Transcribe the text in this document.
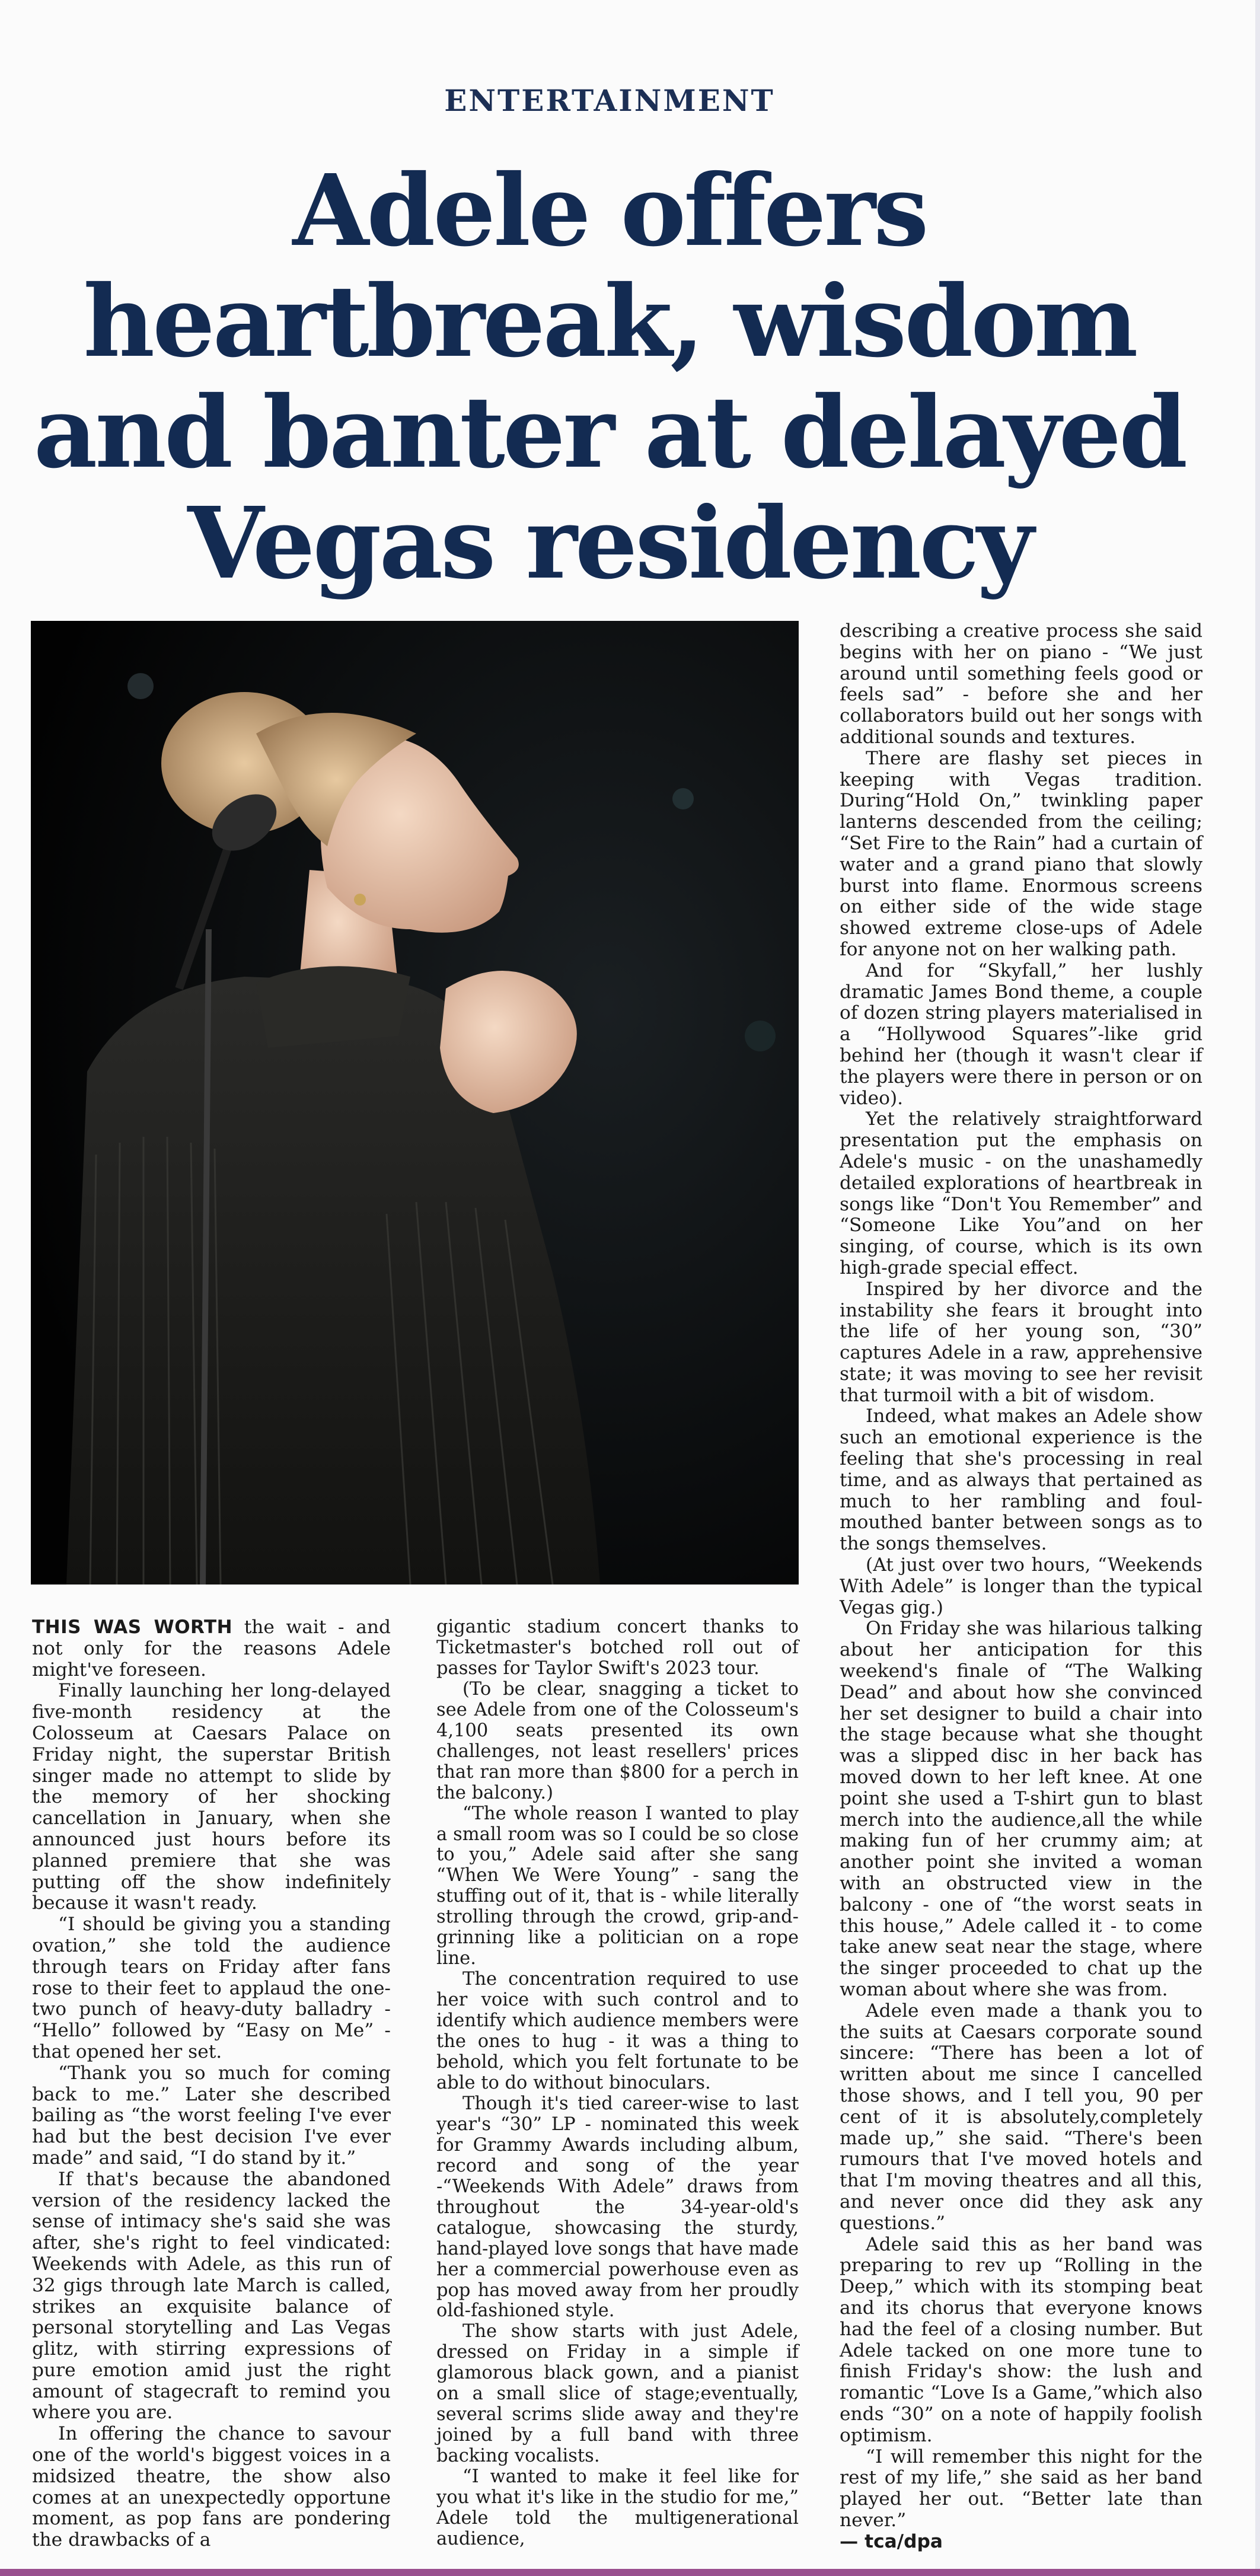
ENTERTAINMENT
Adele offers
heartbreak, wisdom
and banter at delayed
Vegas residency

THIS WAS WORTH the wait - and not only for the reasons Adele might've foreseen.

Finally launching her long-delayed five-month residency at the Colosseum at Caesars Palace on Friday night, the superstar British singer made no attempt to slide by the memory of her shocking cancellation in January, when she announced just hours before its planned premiere that she was putting off the show indefinitely because it wasn't ready.

“I should be giving you a standing ovation,” she told the audience through tears on Friday after fans rose to their feet to applaud the one-two punch of heavy-duty balladry - “Hello” followed by “Easy on Me” - that opened her set.

“Thank you so much for coming back to me.” Later she described bailing as “the worst feeling I've ever had but the best decision I've ever made” and said, “I do stand by it.”

If that's because the abandoned version of the residency lacked the sense of intimacy she's said she was after, she's right to feel vindicated: Weekends with Adele, as this run of 32 gigs through late March is called, strikes an exquisite balance of personal storytelling and Las Vegas glitz, with stirring expressions of pure emotion amid just the right amount of stagecraft to remind you where you are.

In offering the chance to savour one of the world's biggest voices in a midsized theatre, the show also comes at an unexpectedly opportune moment, as pop fans are pondering the drawbacks of a

gigantic stadium concert thanks to Ticketmaster's botched roll out of passes for Taylor Swift's 2023 tour.

(To be clear, snagging a ticket to see Adele from one of the Colosseum's 4,100 seats presented its own challenges, not least resellers' prices that ran more than $800 for a perch in the balcony.)

“The whole reason I wanted to play a small room was so I could be so close to you,” Adele said after she sang “When We Were Young” - sang the stuffing out of it, that is - while literally strolling through the crowd, grip-and-grinning like a politician on a rope line.

The concentration required to use her voice with such control and to identify which audience members were the ones to hug - it was a thing to behold, which you felt fortunate to be able to do without binoculars.

Though it's tied career-wise to last year's “30” LP - nominated this week for Grammy Awards including album, record and song of the year -“Weekends With Adele” draws from throughout the 34-year-old's catalogue, showcasing the sturdy, hand-played love songs that have made her a commercial powerhouse even as pop has moved away from her proudly old-fashioned style.

The show starts with just Adele, dressed on Friday in a simple if glamorous black gown, and a pianist on a small slice of stage;eventually, several scrims slide away and they're joined by a full band with three backing vocalists.

“I wanted to make it feel like for you what it's like in the studio for me,” Adele told the multigenerational audience,

describing a creative process she said begins with her on piano - “We just around until something feels good or feels sad” - before she and her collaborators build out her songs with additional sounds and textures.

There are flashy set pieces in keeping with Vegas tradition. During“Hold On,” twinkling paper lanterns descended from the ceiling; “Set Fire to the Rain” had a curtain of water and a grand piano that slowly burst into flame. Enormous screens on either side of the wide stage showed extreme close-ups of Adele for anyone not on her walking path.

And for “Skyfall,” her lushly dramatic James Bond theme, a couple of dozen string players materialised in a “Hollywood Squares”-like grid behind her (though it wasn't clear if the players were there in person or on video).

Yet the relatively straightforward presentation put the emphasis on Adele's music - on the unashamedly detailed explorations of heartbreak in songs like “Don't You Remember” and “Someone Like You”and on her singing, of course, which is its own high-grade special effect.

Inspired by her divorce and the instability she fears it brought into the life of her young son, “30” captures Adele in a raw, apprehensive state; it was moving to see her revisit that turmoil with a bit of wisdom.

Indeed, what makes an Adele show such an emotional experience is the feeling that she's processing in real time, and as always that pertained as much to her rambling and foul-mouthed banter between songs as to the songs themselves.

(At just over two hours, “Weekends With Adele” is longer than the typical Vegas gig.)

On Friday she was hilarious talking about her anticipation for this weekend's finale of “The Walking Dead” and about how she convinced her set designer to build a chair into the stage because what she thought was a slipped disc in her back has moved down to her left knee. At one point she used a T-shirt gun to blast merch into the audience,all the while making fun of her crummy aim; at another point she invited a woman with an obstructed view in the balcony - one of “the worst seats in this house,” Adele called it - to come take anew seat near the stage, where the singer proceeded to chat up the woman about where she was from.

Adele even made a thank you to the suits at Caesars corporate sound sincere: “There has been a lot of written about me since I cancelled those shows, and I tell you, 90 per cent of it is absolutely,completely made up,” she said. “There's been rumours that I've moved hotels and that I'm moving theatres and all this, and never once did they ask any questions.”

Adele said this as her band was preparing to rev up “Rolling in the Deep,” which with its stomping beat and its chorus that everyone knows had the feel of a closing number. But Adele tacked on one more tune to finish Friday's show: the lush and romantic “Love Is a Game,”which also ends “30” on a note of happily foolish optimism.

“I will remember this night for the rest of my life,” she said as her band played her out. “Better late than never.”

— tca/dpa
